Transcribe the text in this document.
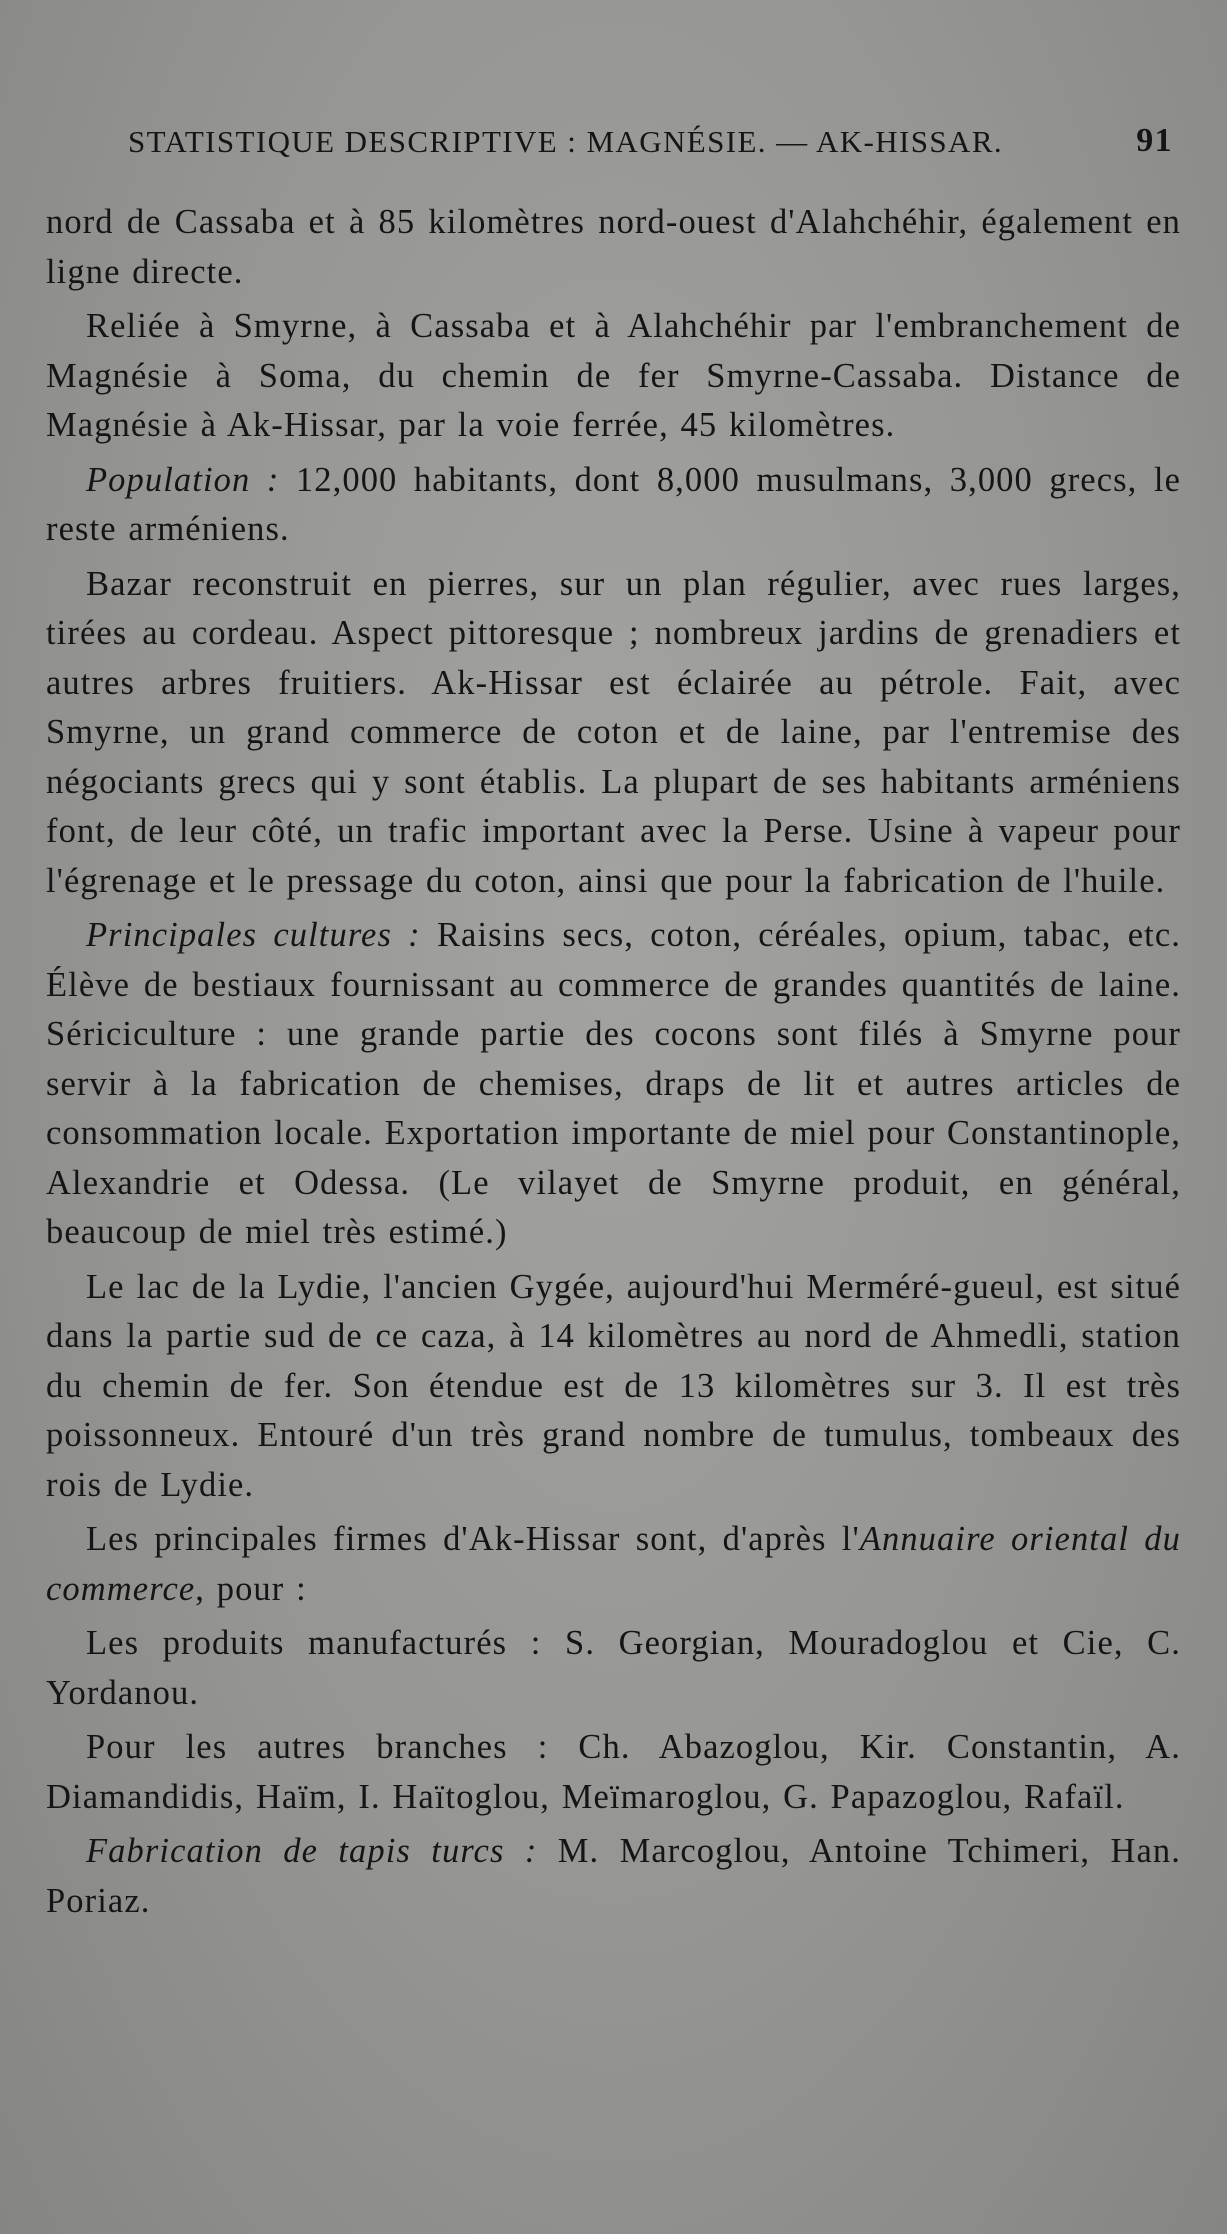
STATISTIQUE DESCRIPTIVE : MAGNÉSIE. — AK-HISSAR.	91

nord de Cassaba et à 85 kilomètres nord-ouest d'Alahchéhir, également en ligne directe.

Reliée à Smyrne, à Cassaba et à Alahchéhir par l'embranchement de Magnésie à Soma, du chemin de fer Smyrne-Cassaba. Distance de Magnésie à Ak-Hissar, par la voie ferrée, 45 kilomètres.

Population : 12,000 habitants, dont 8,000 musulmans, 3,000 grecs, le reste arméniens.

Bazar reconstruit en pierres, sur un plan régulier, avec rues larges, tirées au cordeau. Aspect pittoresque ; nombreux jardins de grenadiers et autres arbres fruitiers. Ak-Hissar est éclairée au pétrole. Fait, avec Smyrne, un grand commerce de coton et de laine, par l'entremise des négociants grecs qui y sont établis. La plupart de ses habitants arméniens font, de leur côté, un trafic important avec la Perse. Usine à vapeur pour l'égrenage et le pressage du coton, ainsi que pour la fabrication de l'huile.

Principales cultures : Raisins secs, coton, céréales, opium, tabac, etc. Élève de bestiaux fournissant au commerce de grandes quantités de laine. Sériciculture : une grande partie des cocons sont filés à Smyrne pour servir à la fabrication de chemises, draps de lit et autres articles de consommation locale. Exportation importante de miel pour Constantinople, Alexandrie et Odessa. (Le vilayet de Smyrne produit, en général, beaucoup de miel très estimé.)

Le lac de la Lydie, l'ancien Gygée, aujourd'hui Merméré-gueul, est situé dans la partie sud de ce caza, à 14 kilomètres au nord de Ahmedli, station du chemin de fer. Son étendue est de 13 kilomètres sur 3. Il est très poissonneux. Entouré d'un très grand nombre de tumulus, tombeaux des rois de Lydie.

Les principales firmes d'Ak-Hissar sont, d'après l'Annuaire oriental du commerce, pour :

Les produits manufacturés : S. Georgian, Mouradoglou et Cie, C. Yordanou.

Pour les autres branches : Ch. Abazoglou, Kir. Constantin, A. Diamandidis, Haïm, I. Haïtoglou, Meïmaroglou, G. Papazoglou, Rafaïl.

Fabrication de tapis turcs : M. Marcoglou, Antoine Tchimeri, Han. Poriaz.
